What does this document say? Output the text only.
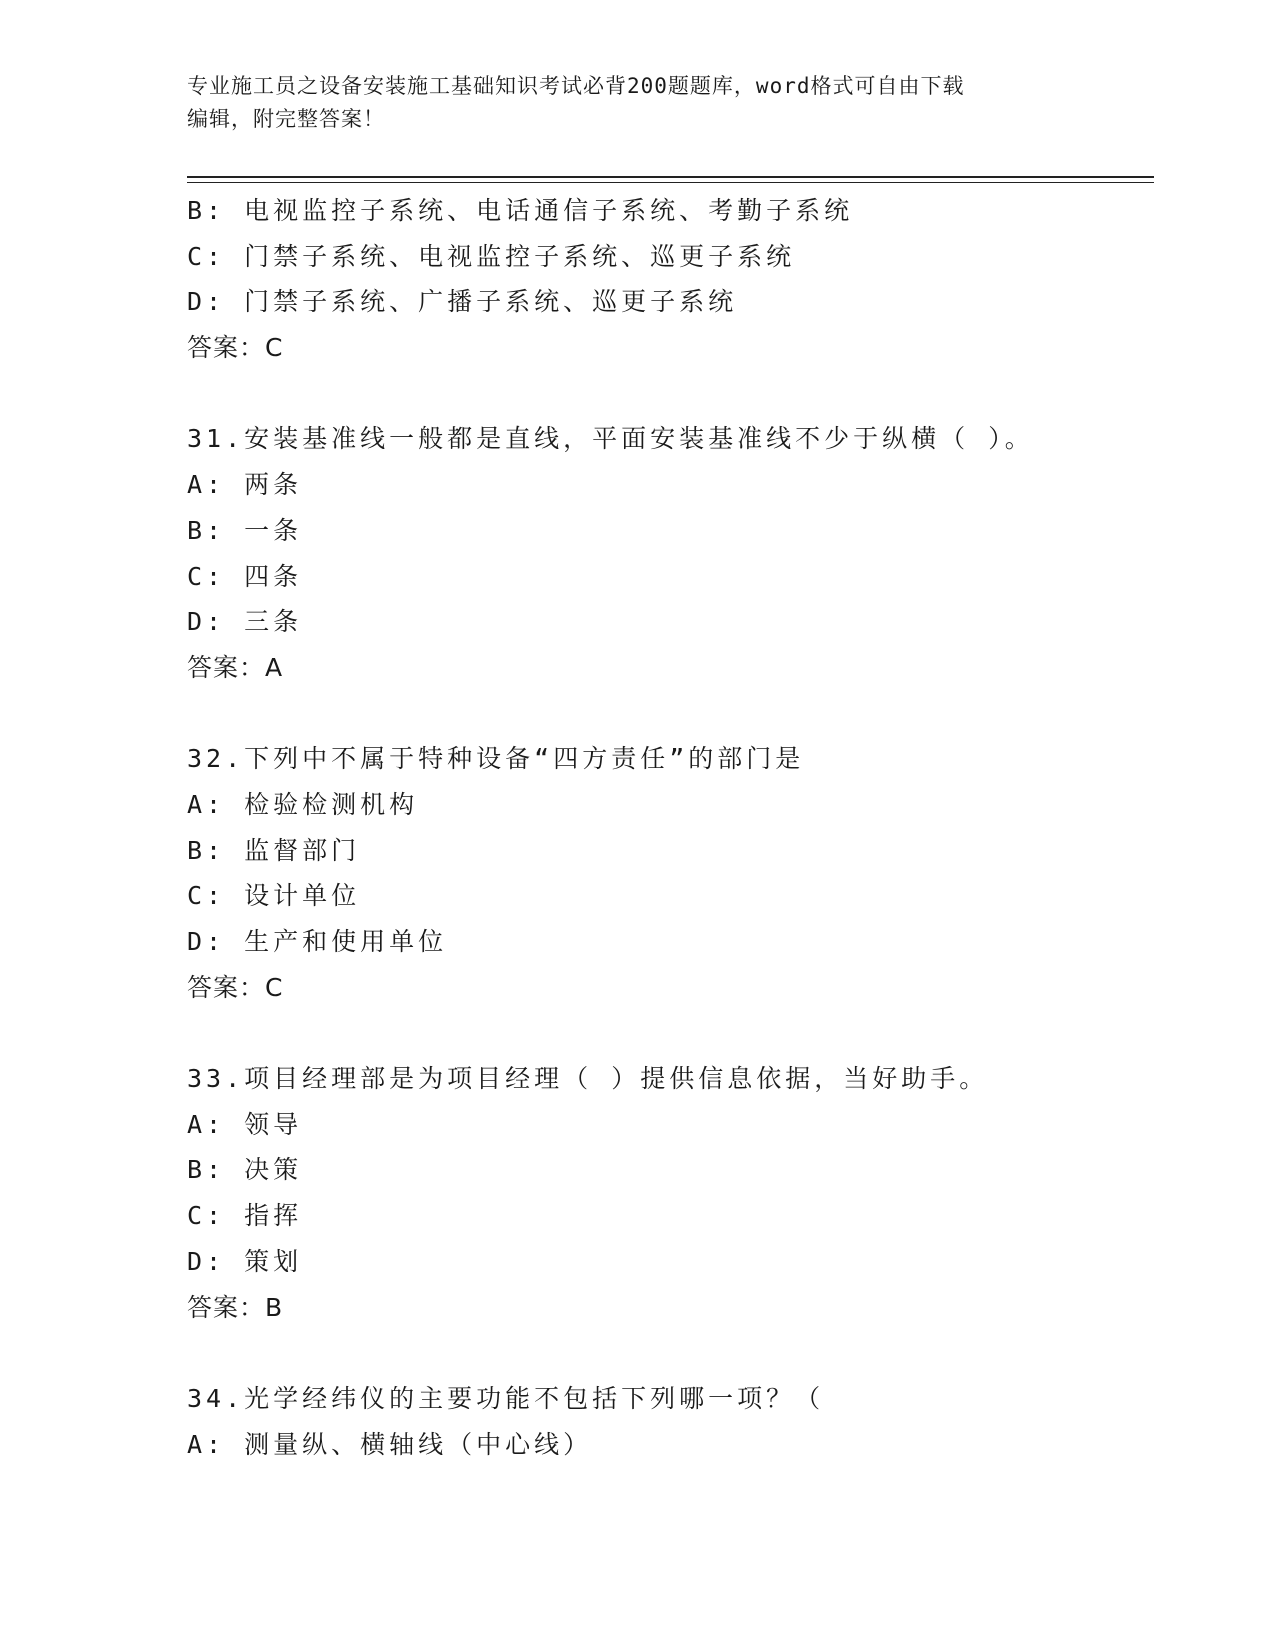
专业施工员之设备安装施工基础知识考试必背200题题库，word格式可自由下载
编辑，附完整答案！
B: 电视监控子系统、电话通信子系统、考勤子系统
C: 门禁子系统、电视监控子系统、巡更子系统
D: 门禁子系统、广播子系统、巡更子系统
答案：C
31.安装基准线一般都是直线，平面安装基准线不少于纵横（ ）。
A: 两条
B: 一条
C: 四条
D: 三条
答案：A
32.下列中不属于特种设备“四方责任”的部门是
A: 检验检测机构
B: 监督部门
C: 设计单位
D: 生产和使用单位
答案：C
33.项目经理部是为项目经理（ ）提供信息依据，当好助手。
A: 领导
B: 决策
C: 指挥
D: 策划
答案：B
34.光学经纬仪的主要功能不包括下列哪一项？（
A: 测量纵、横轴线（中心线）
